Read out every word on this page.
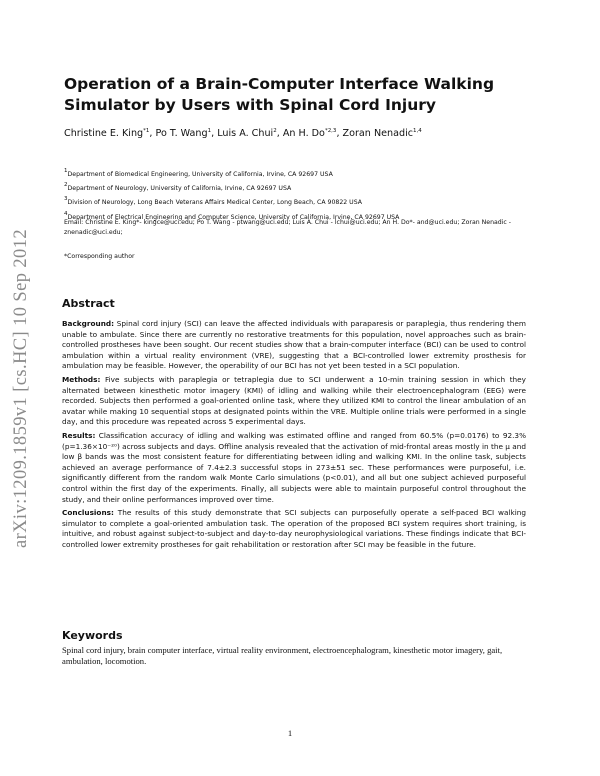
arXiv:1209.1859v1 [cs.HC] 10 Sep 2012
Operation of a Brain-Computer Interface Walking Simulator by Users with Spinal Cord Injury
Christine E. King$^{*1}$, Po T. Wang$^1$, Luis A. Chui$^2$, An H. Do$^{*2,3}$, Zoran Nenadic$^{1,4}$
$^1$Department of Biomedical Engineering, University of California, Irvine, CA 92697 USA
$^2$Department of Neurology, University of California, Irvine, CA 92697 USA
$^3$Division of Neurology, Long Beach Veterans Affairs Medical Center, Long Beach, CA 90822 USA
$^4$Department of Electrical Engineering and Computer Science, University of California, Irvine, CA 92697 USA
Email: Christine E. King*- kingce@uci.edu; Po T. Wang - ptwang@uci.edu; Luis A. Chui - lchui@uci.edu; An H. Do*- and@uci.edu; Zoran Nenadic - znenadic@uci.edu;
*Corresponding author
Abstract

Background: Spinal cord injury (SCI) can leave the affected individuals with paraparesis or paraplegia, thus rendering them unable to ambulate. Since there are currently no restorative treatments for this population, novel approaches such as brain-controlled prostheses have been sought. Our recent studies show that a brain-computer interface (BCI) can be used to control ambulation within a virtual reality environment (VRE), suggesting that a BCI-controlled lower extremity prosthesis for ambulation may be feasible. However, the operability of our BCI has not yet been tested in a SCI population.

Methods: Five subjects with paraplegia or tetraplegia due to SCI underwent a 10-min training session in which they alternated between kinesthetic motor imagery (KMI) of idling and walking while their electroencephalogram (EEG) were recorded. Subjects then performed a goal-oriented online task, where they utilized KMI to control the linear ambulation of an avatar while making 10 sequential stops at designated points within the VRE. Multiple online trials were performed in a single day, and this procedure was repeated across 5 experimental days.

Results: Classification accuracy of idling and walking was estimated offline and ranged from 60.5% (p=0.0176) to 92.3% (p=1.36×10⁻²⁰) across subjects and days. Offline analysis revealed that the activation of mid-frontal areas mostly in the μ and low β bands was the most consistent feature for differentiating between idling and walking KMI. In the online task, subjects achieved an average performance of 7.4±2.3 successful stops in 273±51 sec. These performances were purposeful, i.e. significantly different from the random walk Monte Carlo simulations (p<0.01), and all but one subject achieved purposeful control within the first day of the experiments. Finally, all subjects were able to maintain purposeful control throughout the study, and their online performances improved over time.

Conclusions: The results of this study demonstrate that SCI subjects can purposefully operate a self-paced BCI walking simulator to complete a goal-oriented ambulation task. The operation of the proposed BCI system requires short training, is intuitive, and robust against subject-to-subject and day-to-day neurophysiological variations. These findings indicate that BCI-controlled lower extremity prostheses for gait rehabilitation or restoration after SCI may be feasible in the future.

Keywords

Spinal cord injury, brain computer interface, virtual reality environment, electroencephalogram, kinesthetic motor imagery, gait, ambulation, locomotion.

1
